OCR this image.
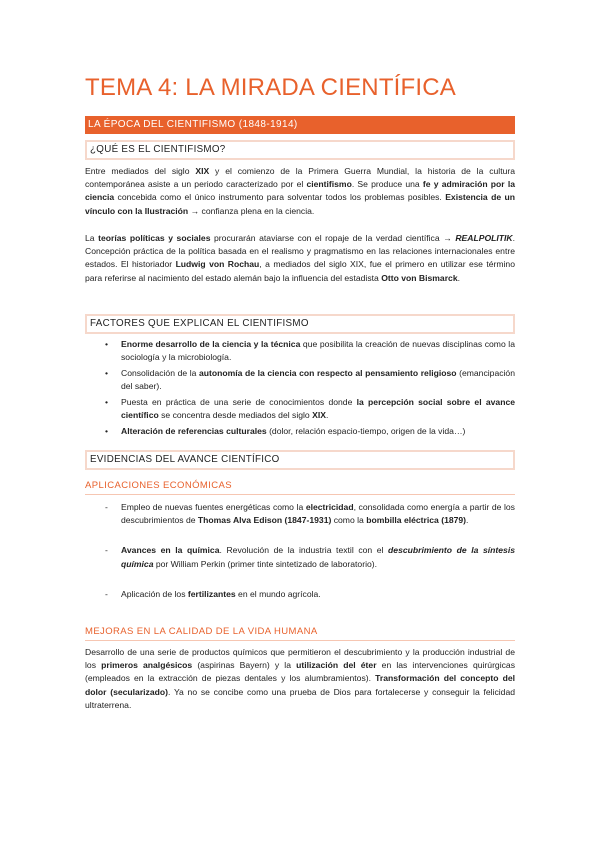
TEMA 4: LA MIRADA CIENTÍFICA
LA ÉPOCA DEL CIENTIFISMO (1848-1914)
¿QUÉ ES EL CIENTIFISMO?
Entre mediados del siglo XIX y el comienzo de la Primera Guerra Mundial, la historia de la cultura contemporánea asiste a un periodo caracterizado por el cientifismo. Se produce una fe y admiración por la ciencia concebida como el único instrumento para solventar todos los problemas posibles. Existencia de un vínculo con la Ilustración → confianza plena en la ciencia.
La teorías políticas y sociales procurarán ataviarse con el ropaje de la verdad científica → REALPOLITIK. Concepción práctica de la política basada en el realismo y pragmatismo en las relaciones internacionales entre estados. El historiador Ludwig von Rochau, a mediados del siglo XIX, fue el primero en utilizar ese término para referirse al nacimiento del estado alemán bajo la influencia del estadista Otto von Bismarck.
FACTORES QUE EXPLICAN EL CIENTIFISMO
• Enorme desarrollo de la ciencia y la técnica que posibilita la creación de nuevas disciplinas como la sociología y la microbiología.
• Consolidación de la autonomía de la ciencia con respecto al pensamiento religioso (emancipación del saber).
• Puesta en práctica de una serie de conocimientos donde la percepción social sobre el avance científico se concentra desde mediados del siglo XIX.
• Alteración de referencias culturales (dolor, relación espacio-tiempo, origen de la vida…)
EVIDENCIAS DEL AVANCE CIENTÍFICO
APLICACIONES ECONÓMICAS
- Empleo de nuevas fuentes energéticas como la electricidad, consolidada como energía a partir de los descubrimientos de Thomas Alva Edison (1847-1931) como la bombilla eléctrica (1879).
- Avances en la química. Revolución de la industria textil con el descubrimiento de la síntesis química por William Perkin (primer tinte sintetizado de laboratorio).
- Aplicación de los fertilizantes en el mundo agrícola.
MEJORAS EN LA CALIDAD DE LA VIDA HUMANA
Desarrollo de una serie de productos químicos que permitieron el descubrimiento y la producción industrial de los primeros analgésicos (aspirinas Bayern) y la utilización del éter en las intervenciones quirúrgicas (empleados en la extracción de piezas dentales y los alumbramientos). Transformación del concepto del dolor (secularizado). Ya no se concibe como una prueba de Dios para fortalecerse y conseguir la felicidad ultraterrena.
